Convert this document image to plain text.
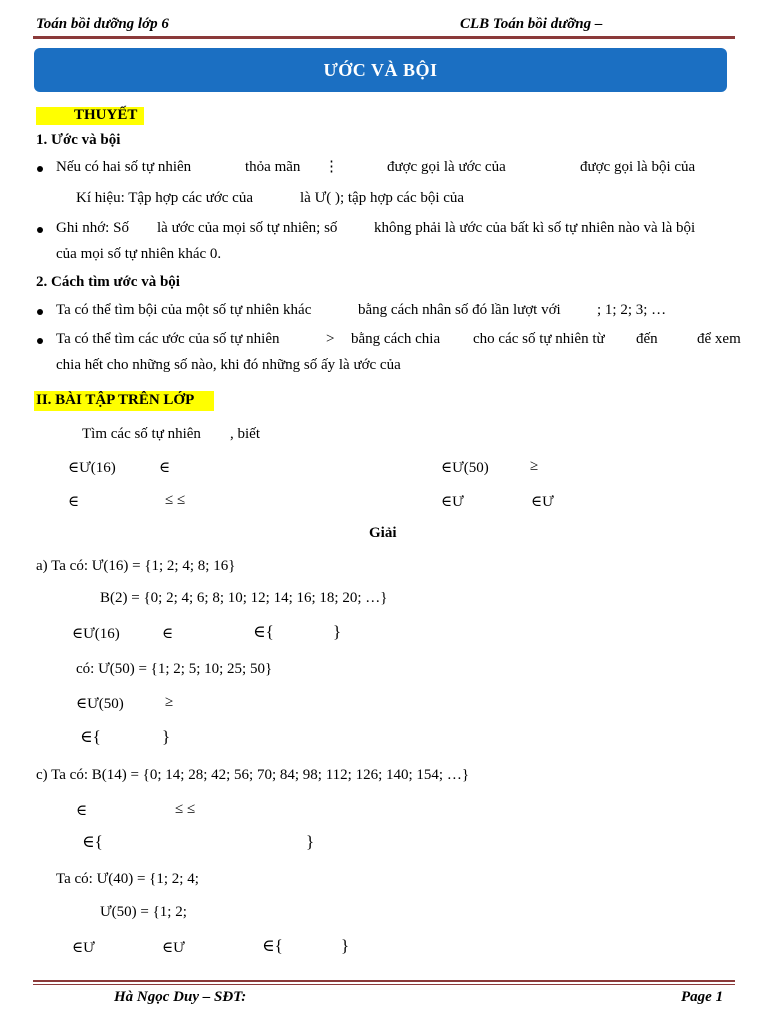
Toán bồi dưỡng lớp 6	CLB Toán bồi dưỡng –
ƯỚC VÀ BỘI
THUYẾT
1. Ước và bội
Nếu có hai số tự nhiên	thỏa mãn ⋮	được gọi là ước của	được gọi là bội của
Kí hiệu: Tập hợp các ước của	là Ư( ); tập hợp các bội của
Ghi nhớ: Số là ước của mọi số tự nhiên; số không phải là ước của bất kì số tự nhiên nào và là bội
của mọi số tự nhiên khác 0.
2. Cách tìm ước và bội
Ta có thể tìm bội của một số tự nhiên khác	bằng cách nhân số đó lần lượt với ; 1; 2; 3; …
Ta có thể tìm các ước của số tự nhiên	> bằng cách chia cho các số tự nhiên từ đến	để xem
chia hết cho những số nào, khi đó những số ấy là ước của
II. BÀI TẬP TRÊN LỚP
Tìm các số tự nhiên , biết
∈Ư(16)	∈	∈Ư(50)	≥
∈	≤ ≤	∈Ư	∈Ư
Giải
a) Ta có: Ư(16) = {1; 2; 4; 8; 16}
B(2) = {0; 2; 4; 6; 8; 10; 12; 14; 16; 18; 20; …}
∈Ư(16)	∈	∈{	}
có: Ư(50) = {1; 2; 5; 10; 25; 50}
∈Ư(50)	≥
∈{	}
c) Ta có: B(14) = {0; 14; 28; 42; 56; 70; 84; 98; 112; 126; 140; 154; …}
∈	≤ ≤
∈{	}
Ta có: Ư(40) = {1; 2; 4;
Ư(50) = {1; 2;
∈Ư	∈Ư	∈{	}
Hà Ngọc Duy – SĐT:	Page 1
